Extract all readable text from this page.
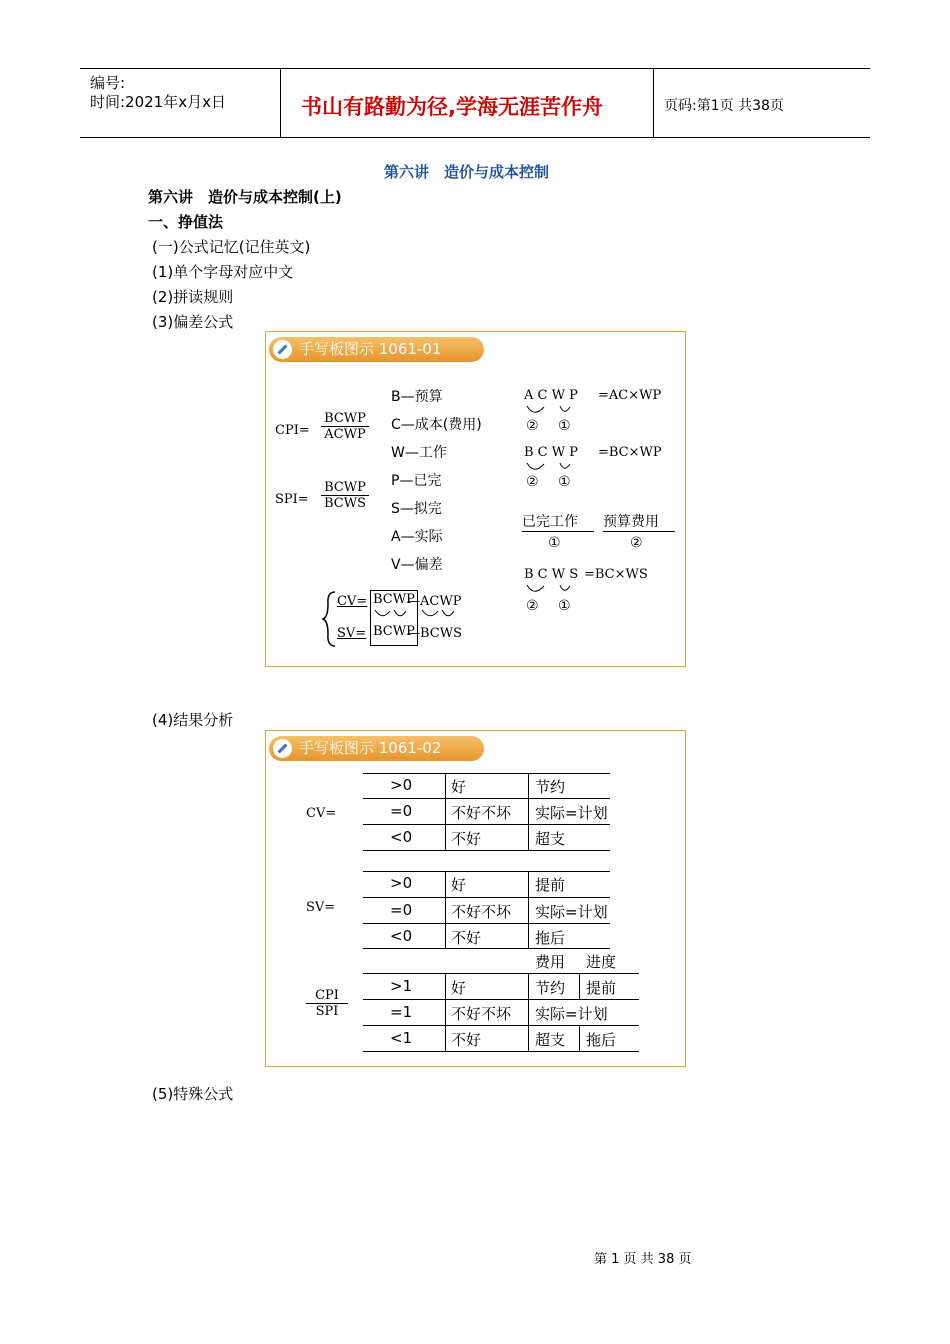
编号:
时间:2021年x月x日	书山有路勤为径,学海无涯苦作舟	页码:第1页 共38页
第六讲　造价与成本控制
第六讲　造价与成本控制(上)
一、挣值法
(一)公式记忆(记住英文)
(1)单个字母对应中文
(2)拼读规则
(3)偏差公式
手写板图示 1061-01
CPI=
BCWP
ACWP
SPI=
BCWP
BCWS
B—预算
C—成本(费用)
W—工作
P—已完
S—拟完
A—实际
V—偏差
A C W P =AC×WP
② ①
B C W P =BC×WP
② ①
已完工作
①
预算费用
②
B C W S =BC×WS
② ①
CV= BCWP
—ACWP
SV= BCWP
—BCWS
(4)结果分析
手写板图示 1061-02
CV=
>0	好	节约
=0	不好不坏 实际=计划
<0	不好	超支
SV=
>0	好	提前
=0	不好不坏 实际=计划
<0	不好	拖后
费用 进度
CPI
SPI
>1	好	节约 提前
=1	不好不坏 实际=计划
<1	不好	超支 拖后
(5)特殊公式
第 1 页 共 38 页
